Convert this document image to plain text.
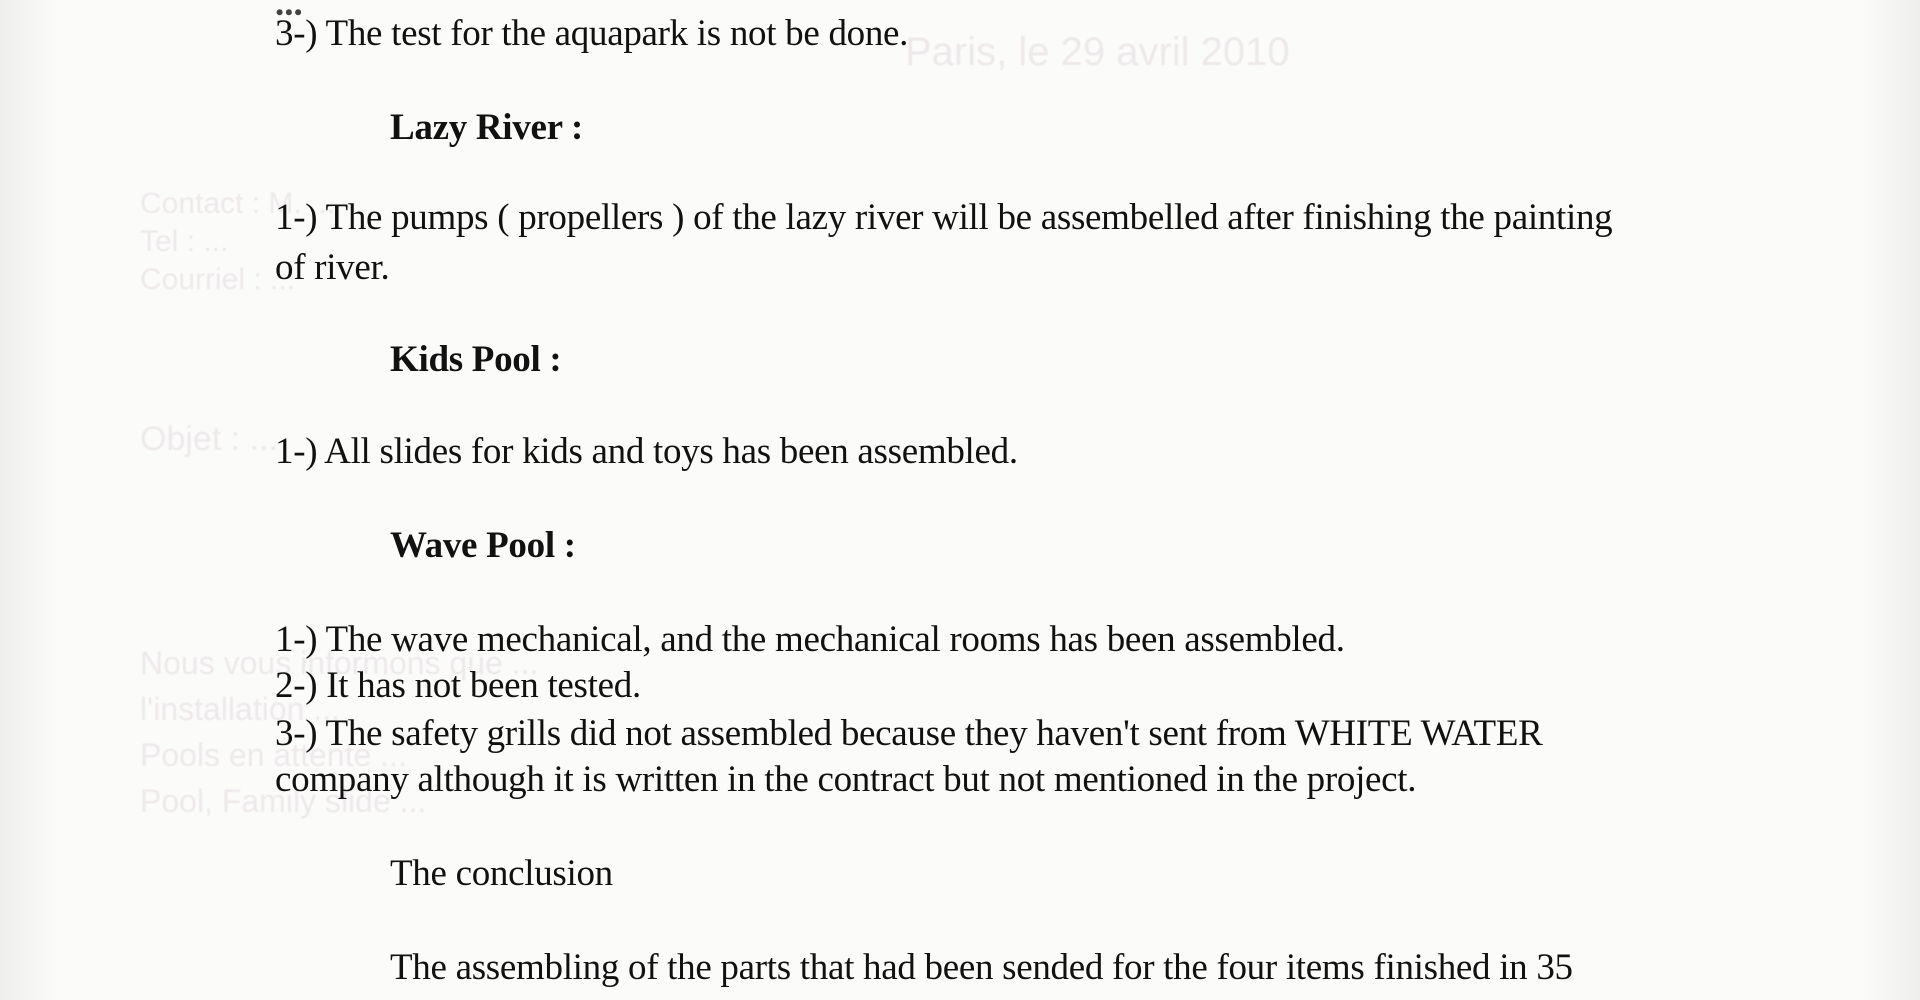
Paris, le 29 avril 2010
Contact : M. ...
Tel : ...
Courriel : ...
Objet : ...
Nous vous informons que ...
l'installation ...
Pools en attente ...
Pool, Family slide ...
...
3-) The test for the aquapark is not be done.
Lazy River :
1-) The pumps ( propellers ) of the lazy river will be assembelled after finishing the painting
of river.
Kids Pool :
1-) All slides for kids and toys has been assembled.
Wave Pool :
1-) The wave mechanical, and the mechanical rooms has been assembled.
2-) It has not been tested.
3-) The safety grills did not assembled because they haven't sent from WHITE WATER
company although it is written in the contract but not mentioned in the project.
The conclusion
The assembling of the parts that had been sended for the four items finished in 35
